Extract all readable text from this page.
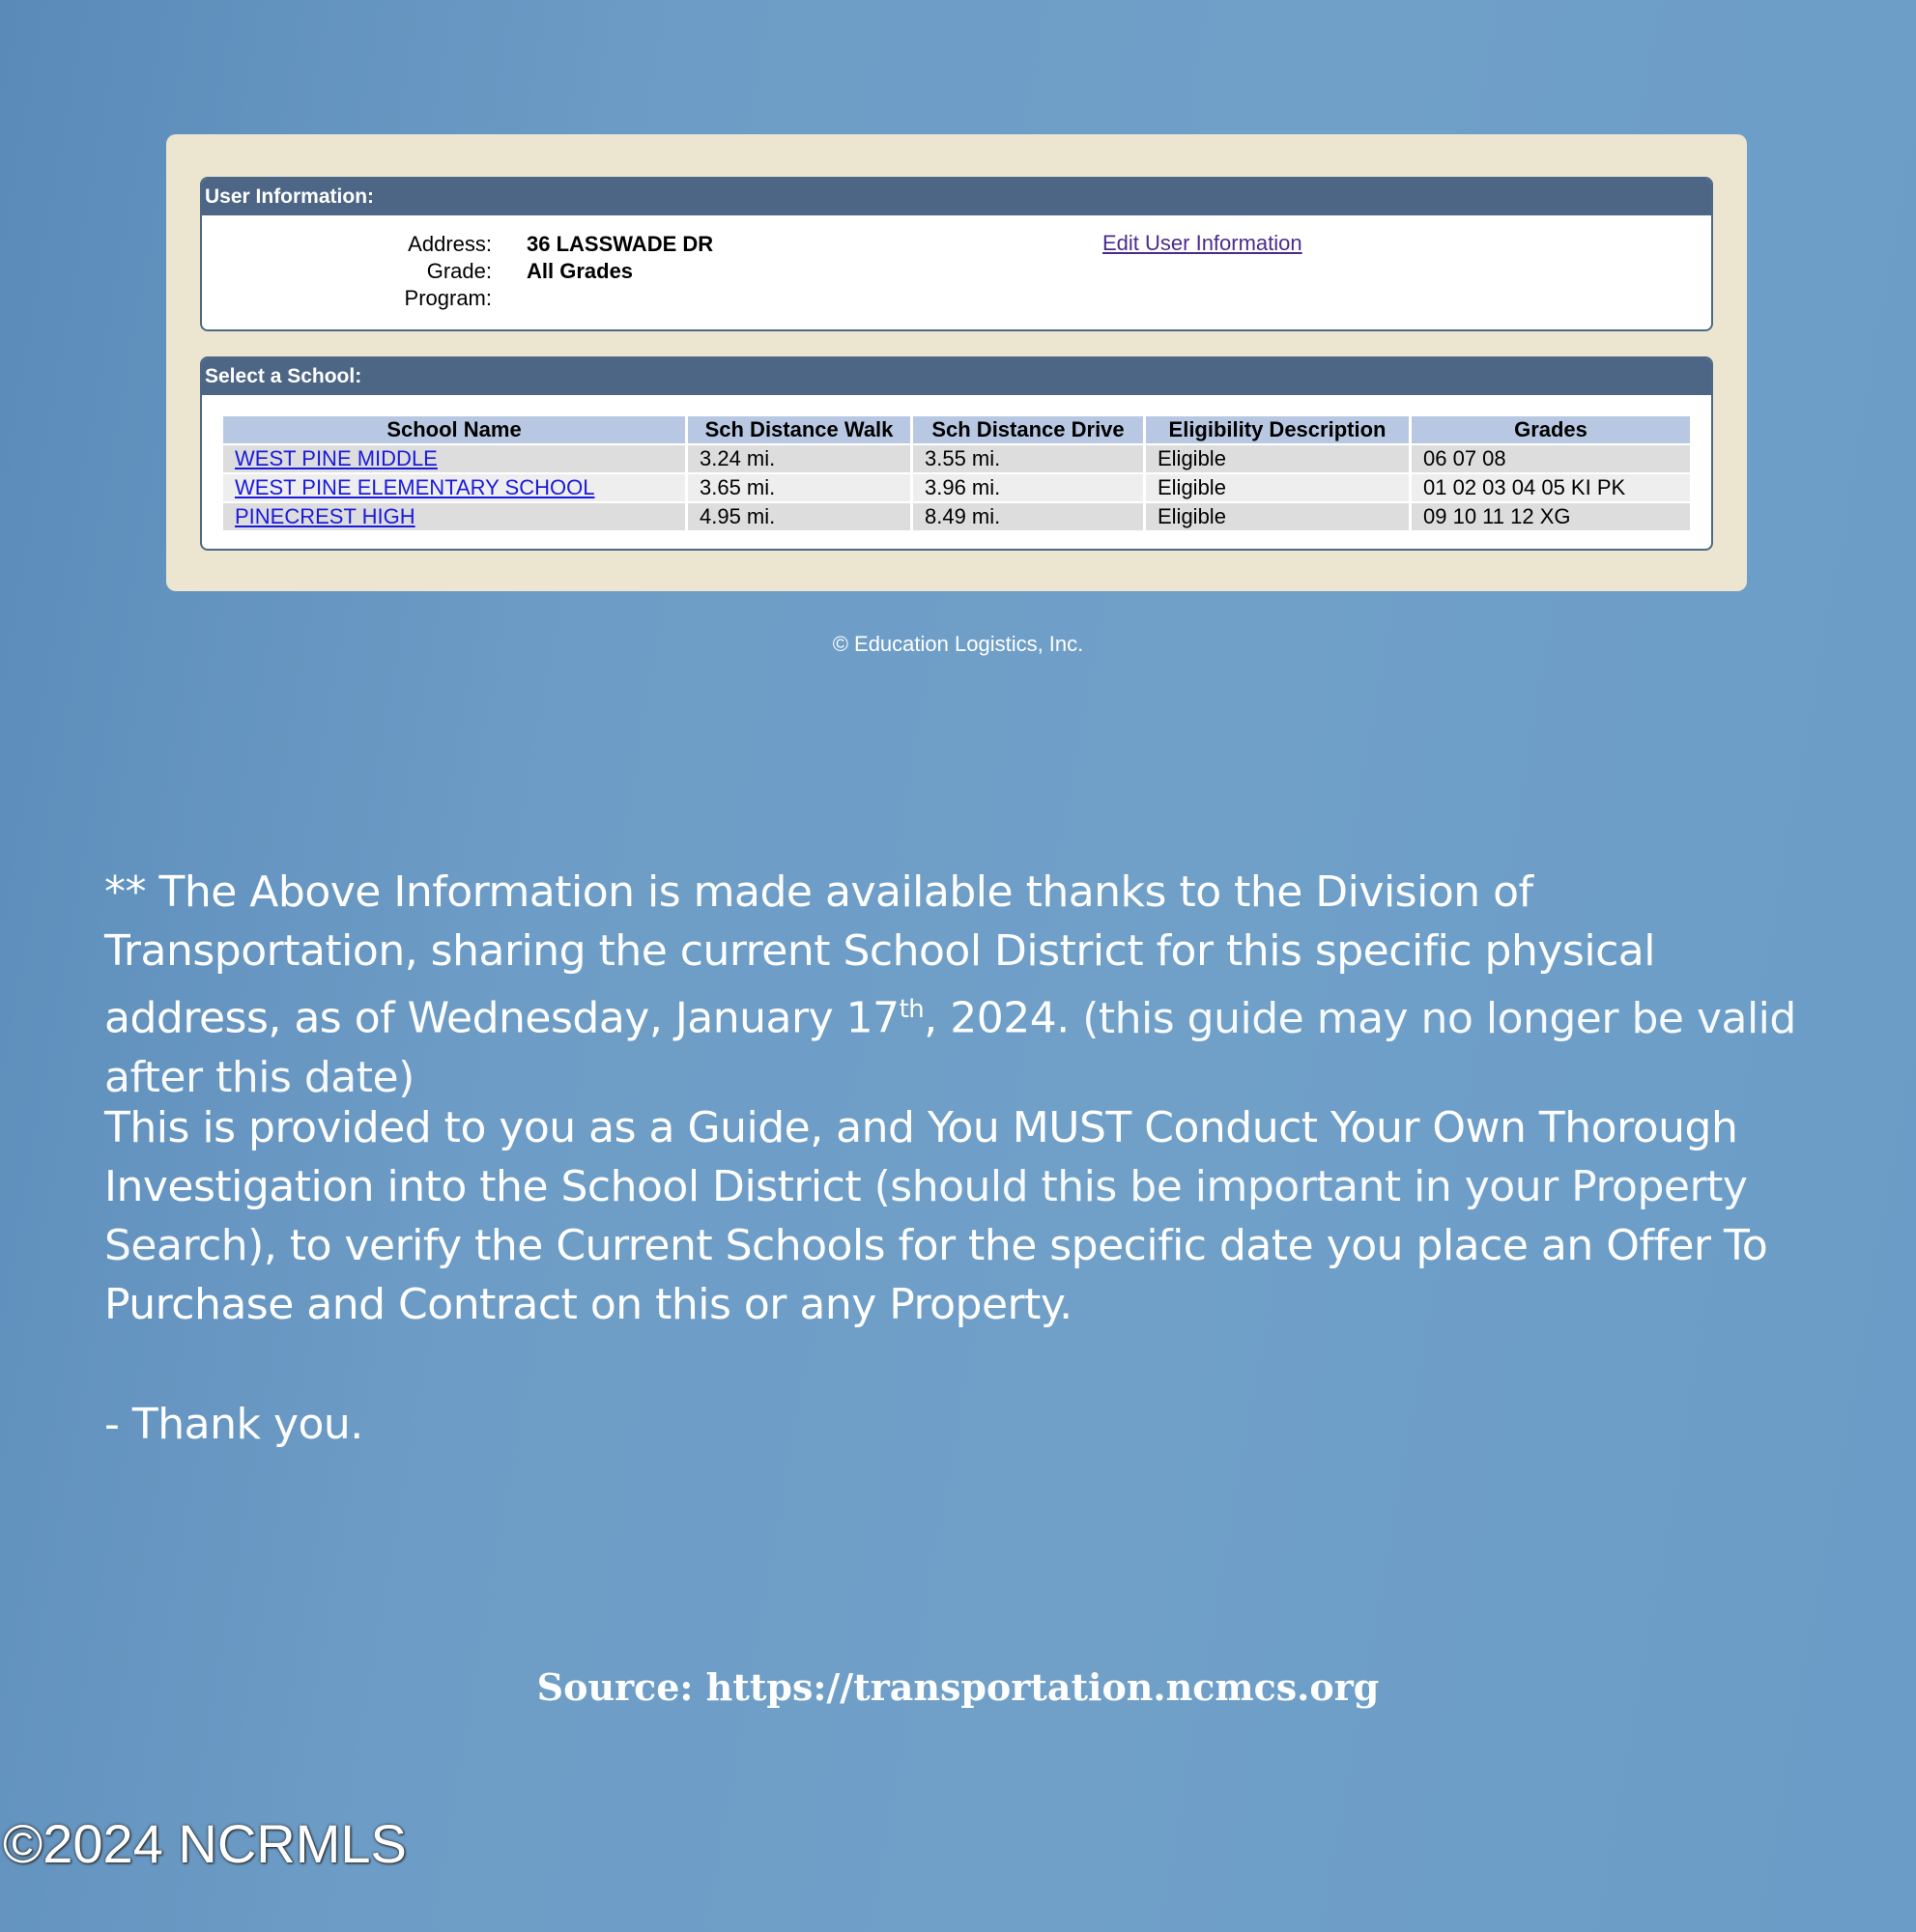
User Information:
Address: 36 LASSWADE DR
Grade: All Grades
Program:
Edit User Information
Select a School:
School Name	Sch Distance Walk	Sch Distance Drive	Eligibility Description	Grades
WEST PINE MIDDLE	3.24 mi.	3.55 mi.	Eligible	06 07 08
WEST PINE ELEMENTARY SCHOOL	3.65 mi.	3.96 mi.	Eligible	01 02 03 04 05 KI PK
PINECREST HIGH	4.95 mi.	8.49 mi.	Eligible	09 10 11 12 XG
© Education Logistics, Inc.
** The Above Information is made available thanks to the Division of Transportation, sharing the current School District for this specific physical address, as of Wednesday, January 17th, 2024. (this guide may no longer be valid after this date)
This is provided to you as a Guide, and You MUST Conduct Your Own Thorough Investigation into the School District (should this be important in your Property Search), to verify the Current Schools for the specific date you place an Offer To Purchase and Contract on this or any Property.
- Thank you.
Source: https://transportation.ncmcs.org
©2024 NCRMLS
